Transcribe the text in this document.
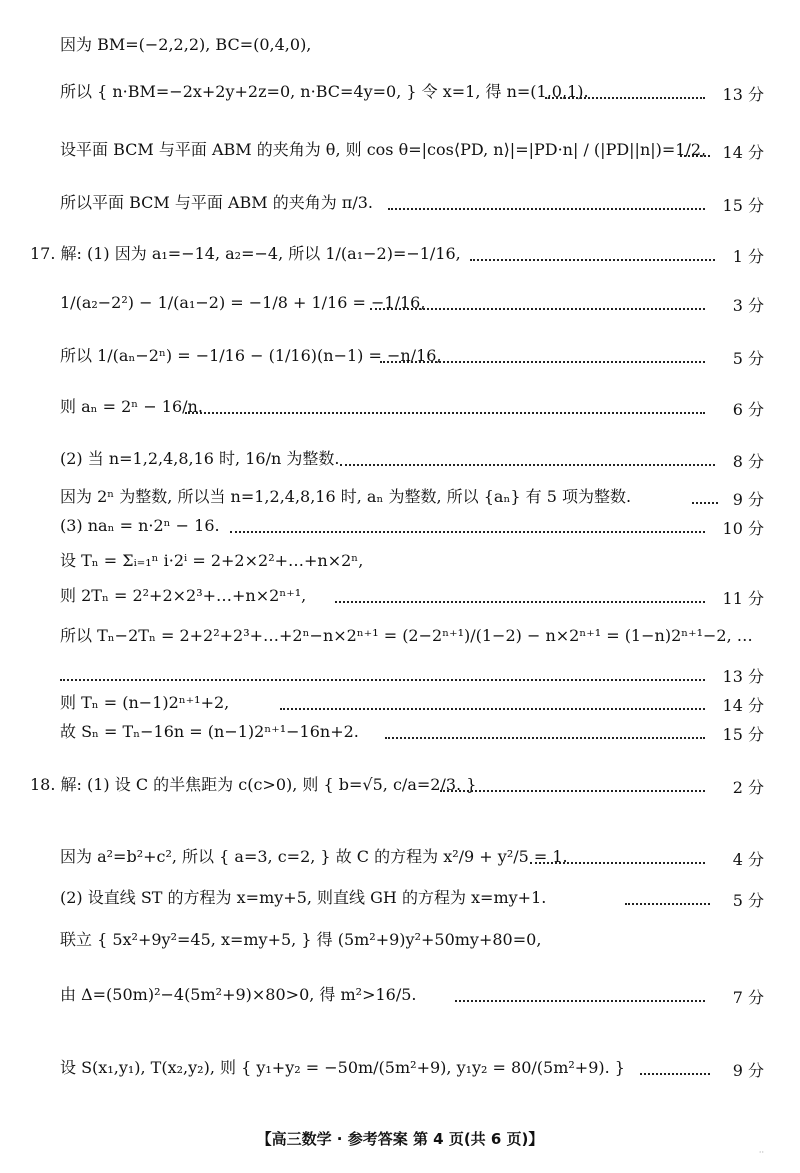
因为 BM=(−2,2,2), BC=(0,4,0),
所以 { n·BM=−2x+2y+2z=0, n·BC=4y=0, } 令 x=1, 得 n=(1,0,1).	13 分
设平面 BCM 与平面 ABM 的夹角为 θ, 则 cos θ=|cos⟨PD, n⟩|=|PD·n| / (|PD||n|)=1/2, 14 分
所以平面 BCM 与平面 ABM 的夹角为 π/3.	15 分
17. 解: (1) 因为 a₁=−14, a₂=−4, 所以 1/(a₁−2)=−1/16,	1 分
1/(a₂−2²) − 1/(a₁−2) = −1/8 + 1/16 = −1/16,	3 分
所以 1/(aₙ−2ⁿ) = −1/16 − (1/16)(n−1) = −n/16,	5 分
则 aₙ = 2ⁿ − 16/n.	6 分
(2) 当 n=1,2,4,8,16 时, 16/n 为整数.	8 分
因为 2ⁿ 为整数, 所以当 n=1,2,4,8,16 时, aₙ 为整数, 所以 {aₙ} 有 5 项为整数.	9 分
(3) naₙ = n·2ⁿ − 16.	10 分
设 Tₙ = Σᵢ₌₁ⁿ i·2ⁱ = 2+2×2²+…+n×2ⁿ,
则 2Tₙ = 2²+2×2³+…+n×2ⁿ⁺¹,	11 分
所以 Tₙ−2Tₙ = 2+2²+2³+…+2ⁿ−n×2ⁿ⁺¹ = (2−2ⁿ⁺¹)/(1−2) − n×2ⁿ⁺¹ = (1−n)2ⁿ⁺¹−2, …
13 分
则 Tₙ = (n−1)2ⁿ⁺¹+2,	14 分
故 Sₙ = Tₙ−16n = (n−1)2ⁿ⁺¹−16n+2.	15 分
18. 解: (1) 设 C 的半焦距为 c(c>0), 则 { b=√5, c/a=2/3. }	2 分
因为 a²=b²+c², 所以 { a=3, c=2, } 故 C 的方程为 x²/9 + y²/5 = 1.	4 分
(2) 设直线 ST 的方程为 x=my+5, 则直线 GH 的方程为 x=my+1.	5 分
联立 { 5x²+9y²=45, x=my+5, } 得 (5m²+9)y²+50my+80=0,
由 Δ=(50m)²−4(5m²+9)×80>0, 得 m²>16/5.	7 分
设 S(x₁,y₁), T(x₂,y₂), 则 { y₁+y₂ = −50m/(5m²+9), y₁y₂ = 80/(5m²+9). }	9 分
【高三数学 · 参考答案 第 4 页(共 6 页)】
··
